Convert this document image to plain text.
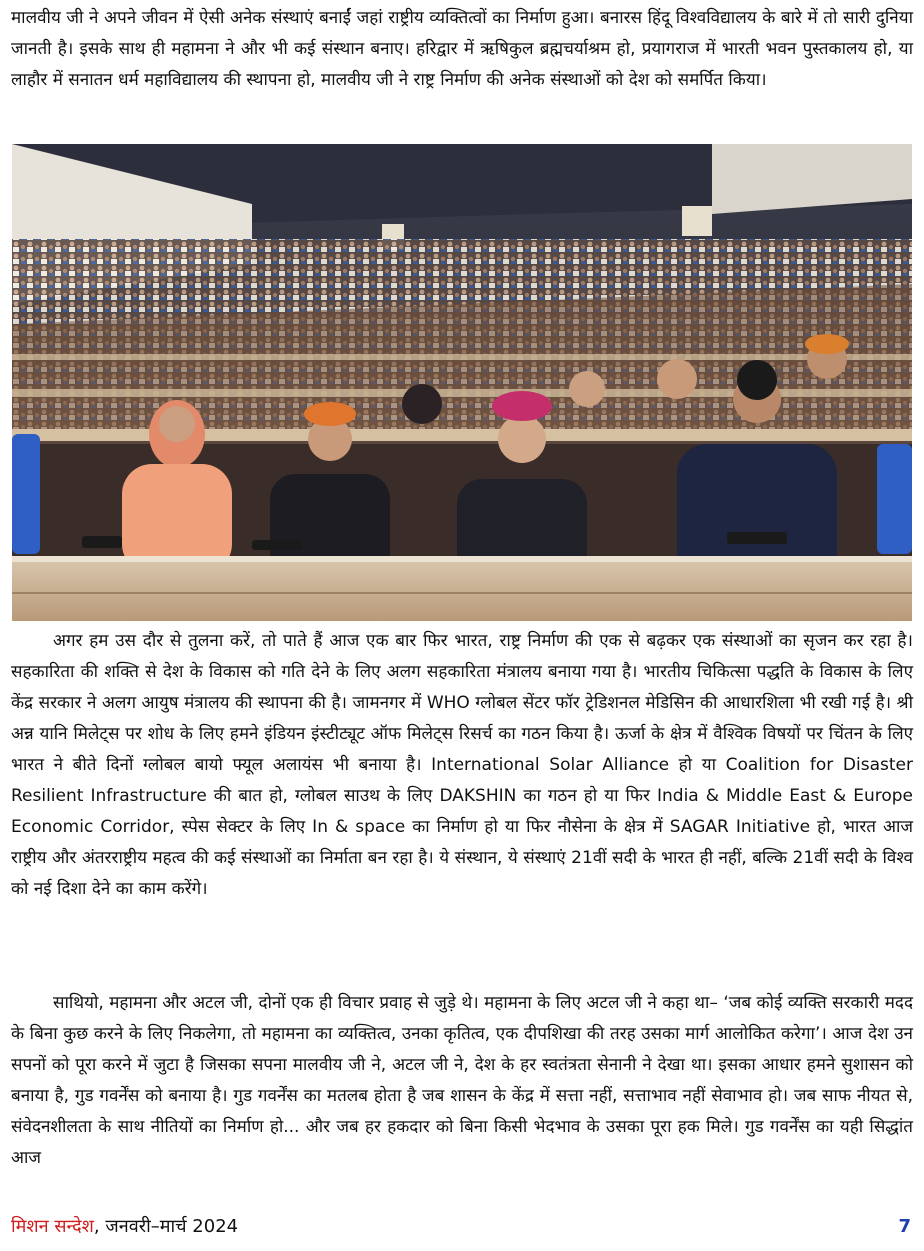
मालवीय जी ने अपने जीवन में ऐसी अनेक संस्थाएं बनाईं जहां राष्ट्रीय व्यक्तित्वों का निर्माण हुआ। बनारस हिंदू विश्वविद्यालय के बारे में तो सारी दुनिया जानती है। इसके साथ ही महामना ने और भी कई संस्थान बनाए। हरिद्वार में ऋषिकुल ब्रह्मचर्याश्रम हो, प्रयागराज में भारती भवन पुस्तकालय हो, या लाहौर में सनातन धर्म महाविद्यालय की स्थापना हो, मालवीय जी ने राष्ट्र निर्माण की अनेक संस्थाओं को देश को समर्पित किया।

अगर हम उस दौर से तुलना करें, तो पाते हैं आज एक बार फिर भारत, राष्ट्र निर्माण की एक से बढ़कर एक संस्थाओं का सृजन कर रहा है। सहकारिता की शक्ति से देश के विकास को गति देने के लिए अलग सहकारिता मंत्रालय बनाया गया है। भारतीय चिकित्सा पद्धति के विकास के लिए केंद्र सरकार ने अलग आयुष मंत्रालय की स्थापना की है। जामनगर में WHO ग्लोबल सेंटर फॉर ट्रेडिशनल मेडिसिन की आधारशिला भी रखी गई है। श्री अन्न यानि मिलेट्स पर शोध के लिए हमने इंडियन इंस्टीट्यूट ऑफ मिलेट्स रिसर्च का गठन किया है। ऊर्जा के क्षेत्र में वैश्विक विषयों पर चिंतन के लिए भारत ने बीते दिनों ग्लोबल बायो फ्यूल अलायंस भी बनाया है। International Solar Alliance हो या Coalition for Disaster Resilient Infrastructure की बात हो, ग्लोबल साउथ के लिए DAKSHIN का गठन हो या फिर India & Middle East & Europe Economic Corridor, स्पेस सेक्टर के लिए In & space का निर्माण हो या फिर नौसेना के क्षेत्र में SAGAR Initiative हो, भारत आज राष्ट्रीय और अंतरराष्ट्रीय महत्व की कई संस्थाओं का निर्माता बन रहा है। ये संस्थान, ये संस्थाएं 21वीं सदी के भारत ही नहीं, बल्कि 21वीं सदी के विश्व को नई दिशा देने का काम करेंगे।

साथियो, महामना और अटल जी, दोनों एक ही विचार प्रवाह से जुड़े थे। महामना के लिए अटल जी ने कहा था– ‘जब कोई व्यक्ति सरकारी मदद के बिना कुछ करने के लिए निकलेगा, तो महामना का व्यक्तित्व, उनका कृतित्व, एक दीपशिखा की तरह उसका मार्ग आलोकित करेगा’। आज देश उन सपनों को पूरा करने में जुटा है जिसका सपना मालवीय जी ने, अटल जी ने, देश के हर स्वतंत्रता सेनानी ने देखा था। इसका आधार हमने सुशासन को बनाया है, गुड गवर्नेंस को बनाया है। गुड गवर्नेंस का मतलब होता है जब शासन के केंद्र में सत्ता नहीं, सत्ताभाव नहीं सेवाभाव हो। जब साफ नीयत से, संवेदनशीलता के साथ नीतियों का निर्माण हो... और जब हर हकदार को बिना किसी भेदभाव के उसका पूरा हक मिले। गुड गवर्नेंस का यही सिद्धांत आज

मिशन सन्देश, जनवरी–मार्च 2024	7
